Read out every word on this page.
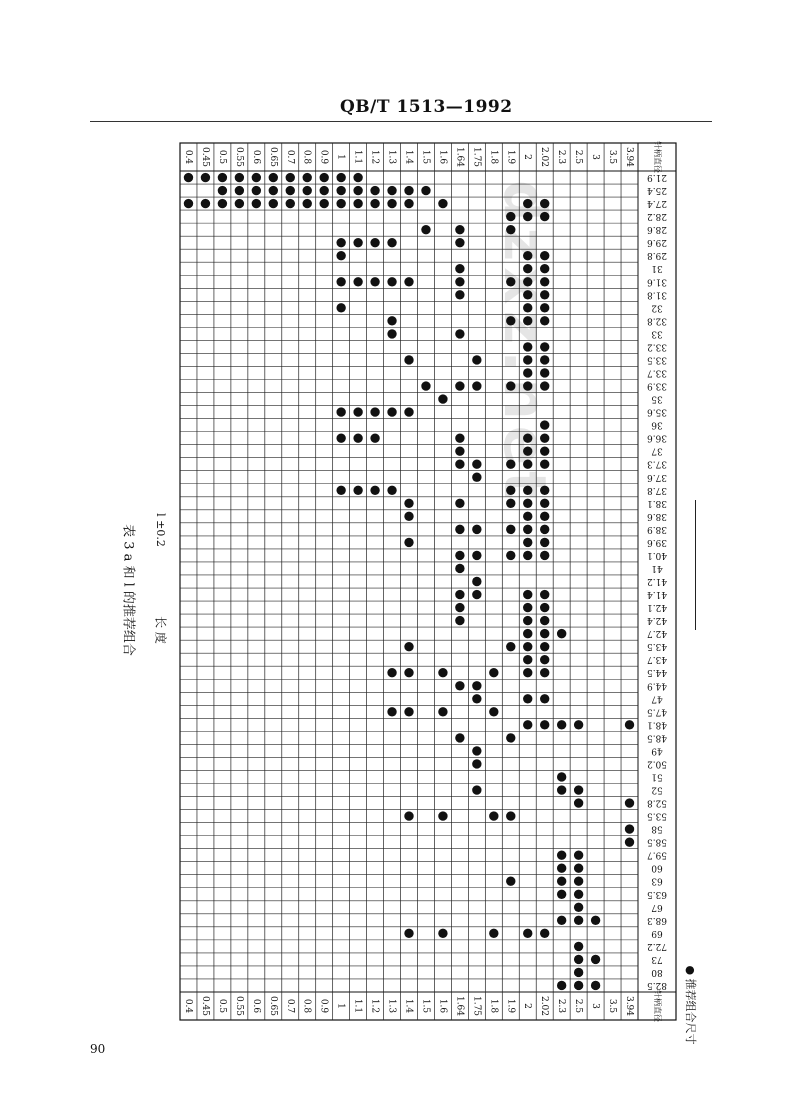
QB/T 1513—1992
dzxz.net
90
0.4
0.4
0.45
0.45
0.5
0.5
0.55
0.55
0.6
0.6
0.65
0.65
0.7
0.7
0.8
0.8
0.9
0.9
1
1
1.1
1.1
1.2
1.2
1.3
1.3
1.4
1.4
1.5
1.5
1.6
1.6
1.64
1.64
1.75
1.75
1.8
1.8
1.9
1.9
2
2
2.02
2.02
2.3
2.3
2.5
2.5
3
3
3.5
3.5
3.94
3.94
21.9
25.4
27.4
28.2
28.6
29.6
29.8
31
31.6
31.8
32
32.8
33
33.2
33.5
33.7
33.9
35
35.6
36
36.6
37
37.3
37.6
37.8
38.1
38.6
38.9
39.6
40.1
41
41.2
41.4
42.1
42.4
42.7
43.5
43.7
44.5
44.9
47
47.5
48.1
48.5
49
50.2
51
52
52.8
53.5
58
58.5
59.7
60
63
63.5
67
68.3
69
72.2
73
80
82.5
针柄直径
针柄直径
表 3 a 和 l 的推荐组合 长 度
l ±0.2
● 推荐组合尺寸
